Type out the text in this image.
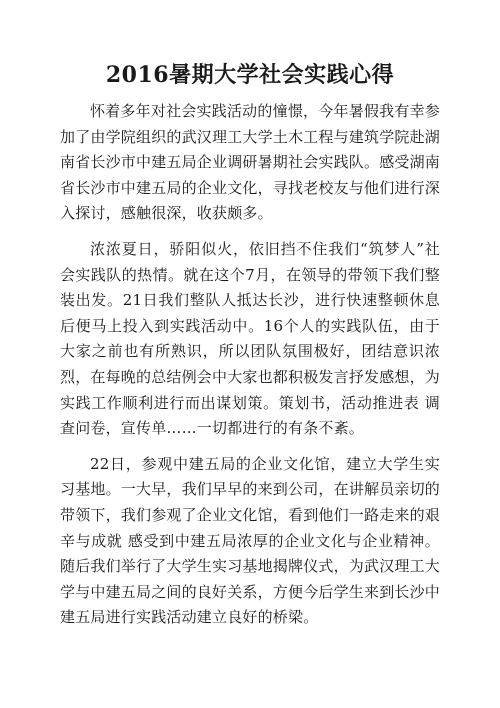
2016暑期大学社会实践心得

怀着多年对社会实践活动的憧憬，今年暑假我有幸参加了由学院组织的武汉理工大学土木工程与建筑学院赴湖南省长沙市中建五局企业调研暑期社会实践队。感受湖南省长沙市中建五局的企业文化，寻找老校友与他们进行深入探讨，感触很深，收获颇多。

浓浓夏日，骄阳似火，依旧挡不住我们“筑梦人”社会实践队的热情。就在这个7月，在领导的带领下我们整装出发。21日我们整队人抵达长沙，进行快速整顿休息后便马上投入到实践活动中。16个人的实践队伍，由于大家之前也有所熟识，所以团队氛围极好，团结意识浓烈，在每晚的总结例会中大家也都积极发言抒发感想，为实践工作顺利进行而出谋划策。策划书，活动推进表 调查问卷，宣传单……一切都进行的有条不紊。

22日，参观中建五局的企业文化馆，建立大学生实习基地。一大早，我们早早的来到公司，在讲解员亲切的带领下，我们参观了企业文化馆，看到他们一路走来的艰辛与成就 感受到中建五局浓厚的企业文化与企业精神。随后我们举行了大学生实习基地揭牌仪式，为武汉理工大学与中建五局之间的良好关系，方便今后学生来到长沙中建五局进行实践活动建立良好的桥梁。
